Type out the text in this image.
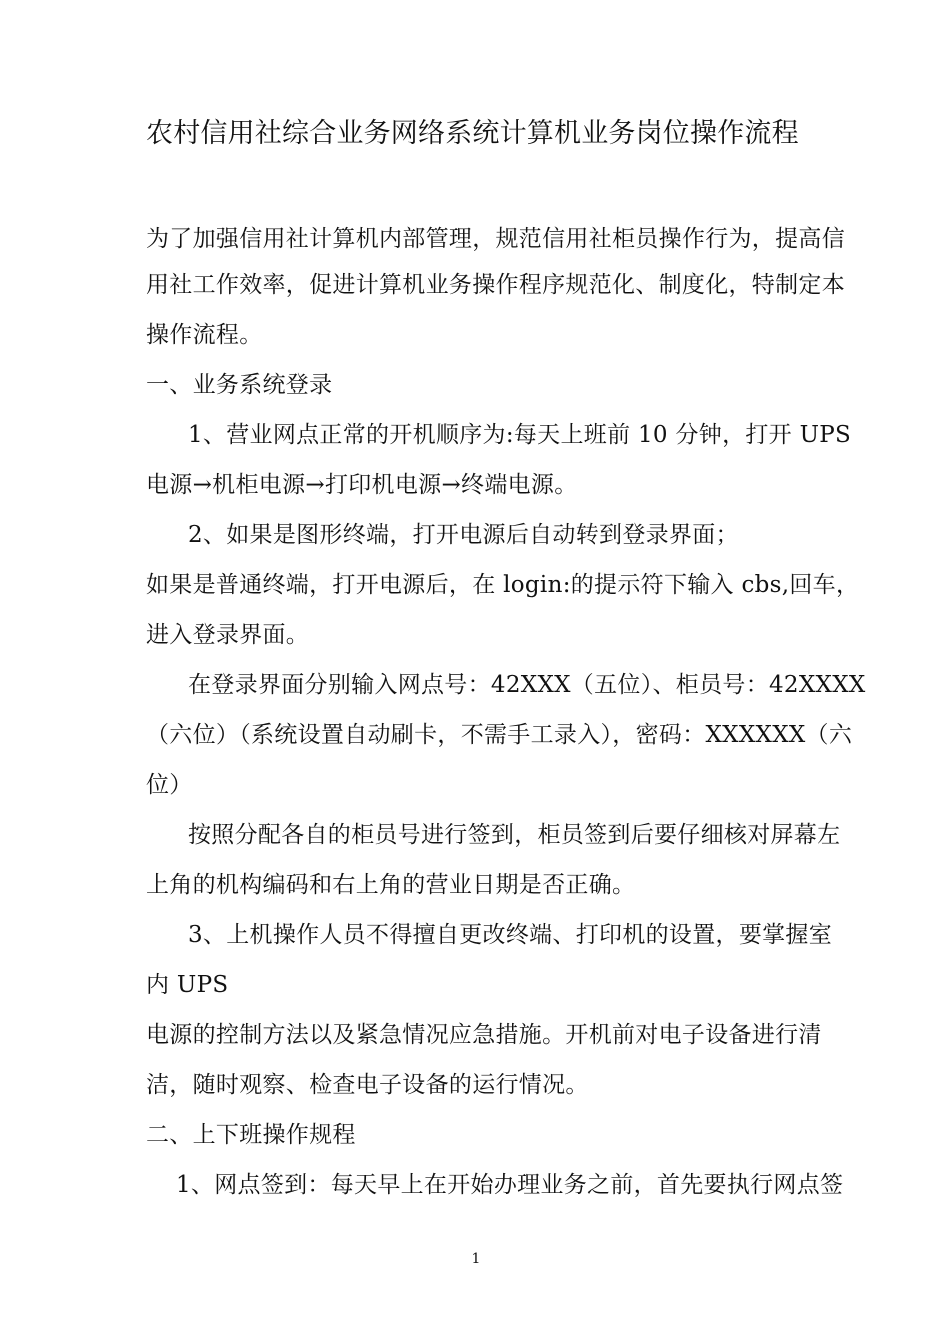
农村信用社综合业务网络系统计算机业务岗位操作流程
为了加强信用社计算机内部管理，规范信用社柜员操作行为，提高信
用社工作效率，促进计算机业务操作程序规范化、制度化，特制定本
操作流程。
一、业务系统登录
1、营业网点正常的开机顺序为:每天上班前 10 分钟，打开 UPS
电源→机柜电源→打印机电源→终端电源。
2、如果是图形终端，打开电源后自动转到登录界面；
如果是普通终端，打开电源后，在 login:的提示符下输入 cbs,回车，
进入登录界面。
在登录界面分别输入网点号：42XXX（五位）、柜员号：42XXXX
（六位）（系统设置自动刷卡，不需手工录入），密码：XXXXXX（六
位）
按照分配各自的柜员号进行签到，柜员签到后要仔细核对屏幕左
上角的机构编码和右上角的营业日期是否正确。
3、上机操作人员不得擅自更改终端、打印机的设置，要掌握室
内 UPS
电源的控制方法以及紧急情况应急措施。开机前对电子设备进行清
洁，随时观察、检查电子设备的运行情况。
二、上下班操作规程
1、网点签到：每天早上在开始办理业务之前，首先要执行网点签
1
